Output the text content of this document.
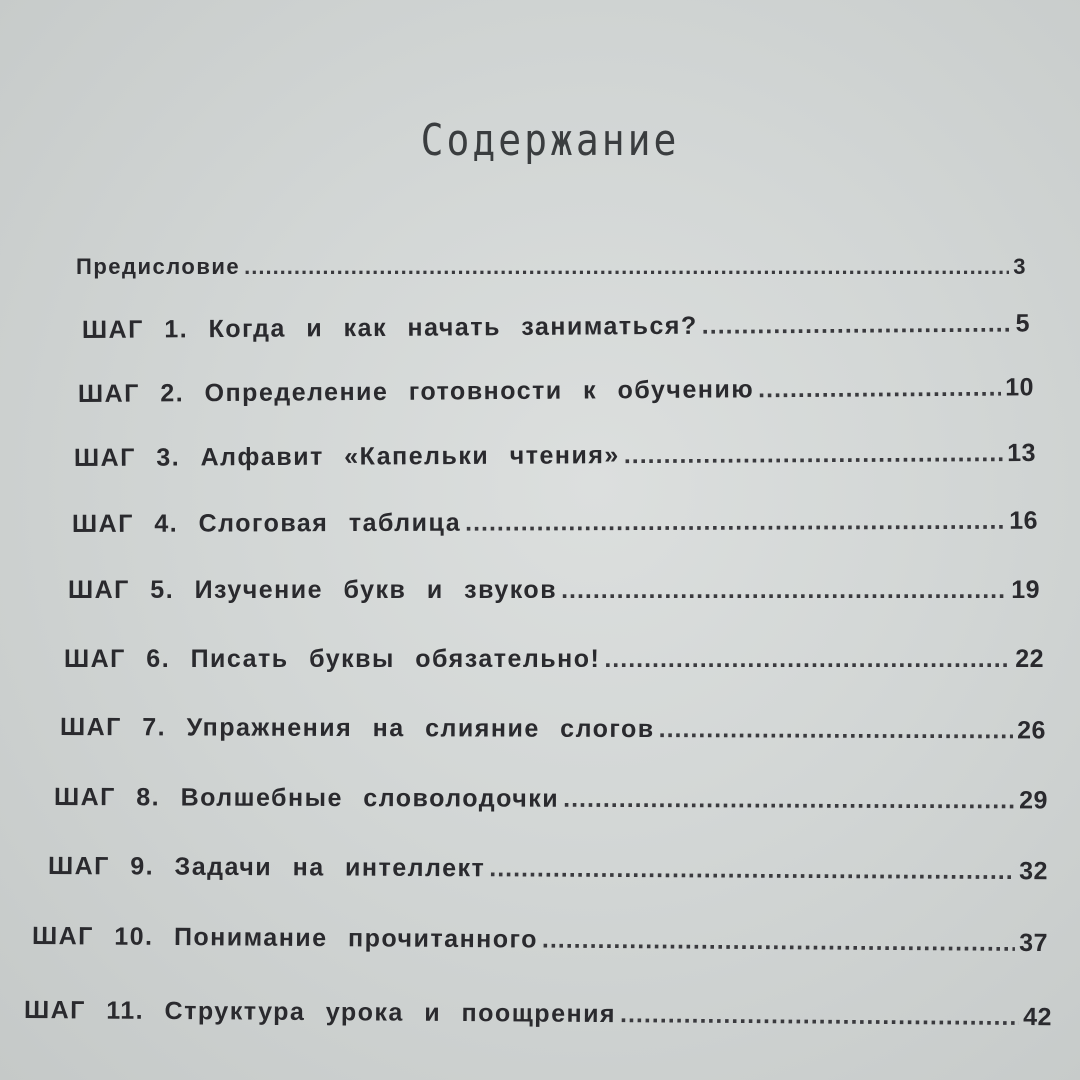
Содержание
Предисловие .....	3
ШАГ 1. Когда и как начать заниматься? .....	5
ШАГ 2. Определение готовности к обучению .....	10
ШАГ 3. Алфавит «Капельки чтения» .....	13
ШАГ 4. Слоговая таблица .....	16
ШАГ 5. Изучение букв и звуков .....	19
ШАГ 6. Писать буквы обязательно! .....	22
ШАГ 7. Упражнения на слияние слогов .....	26
ШАГ 8. Волшебные словолодочки .....	29
ШАГ 9. Задачи на интеллект .....	32
ШАГ 10. Понимание прочитанного .....	37
ШАГ 11. Структура урока и поощрения .....	42
